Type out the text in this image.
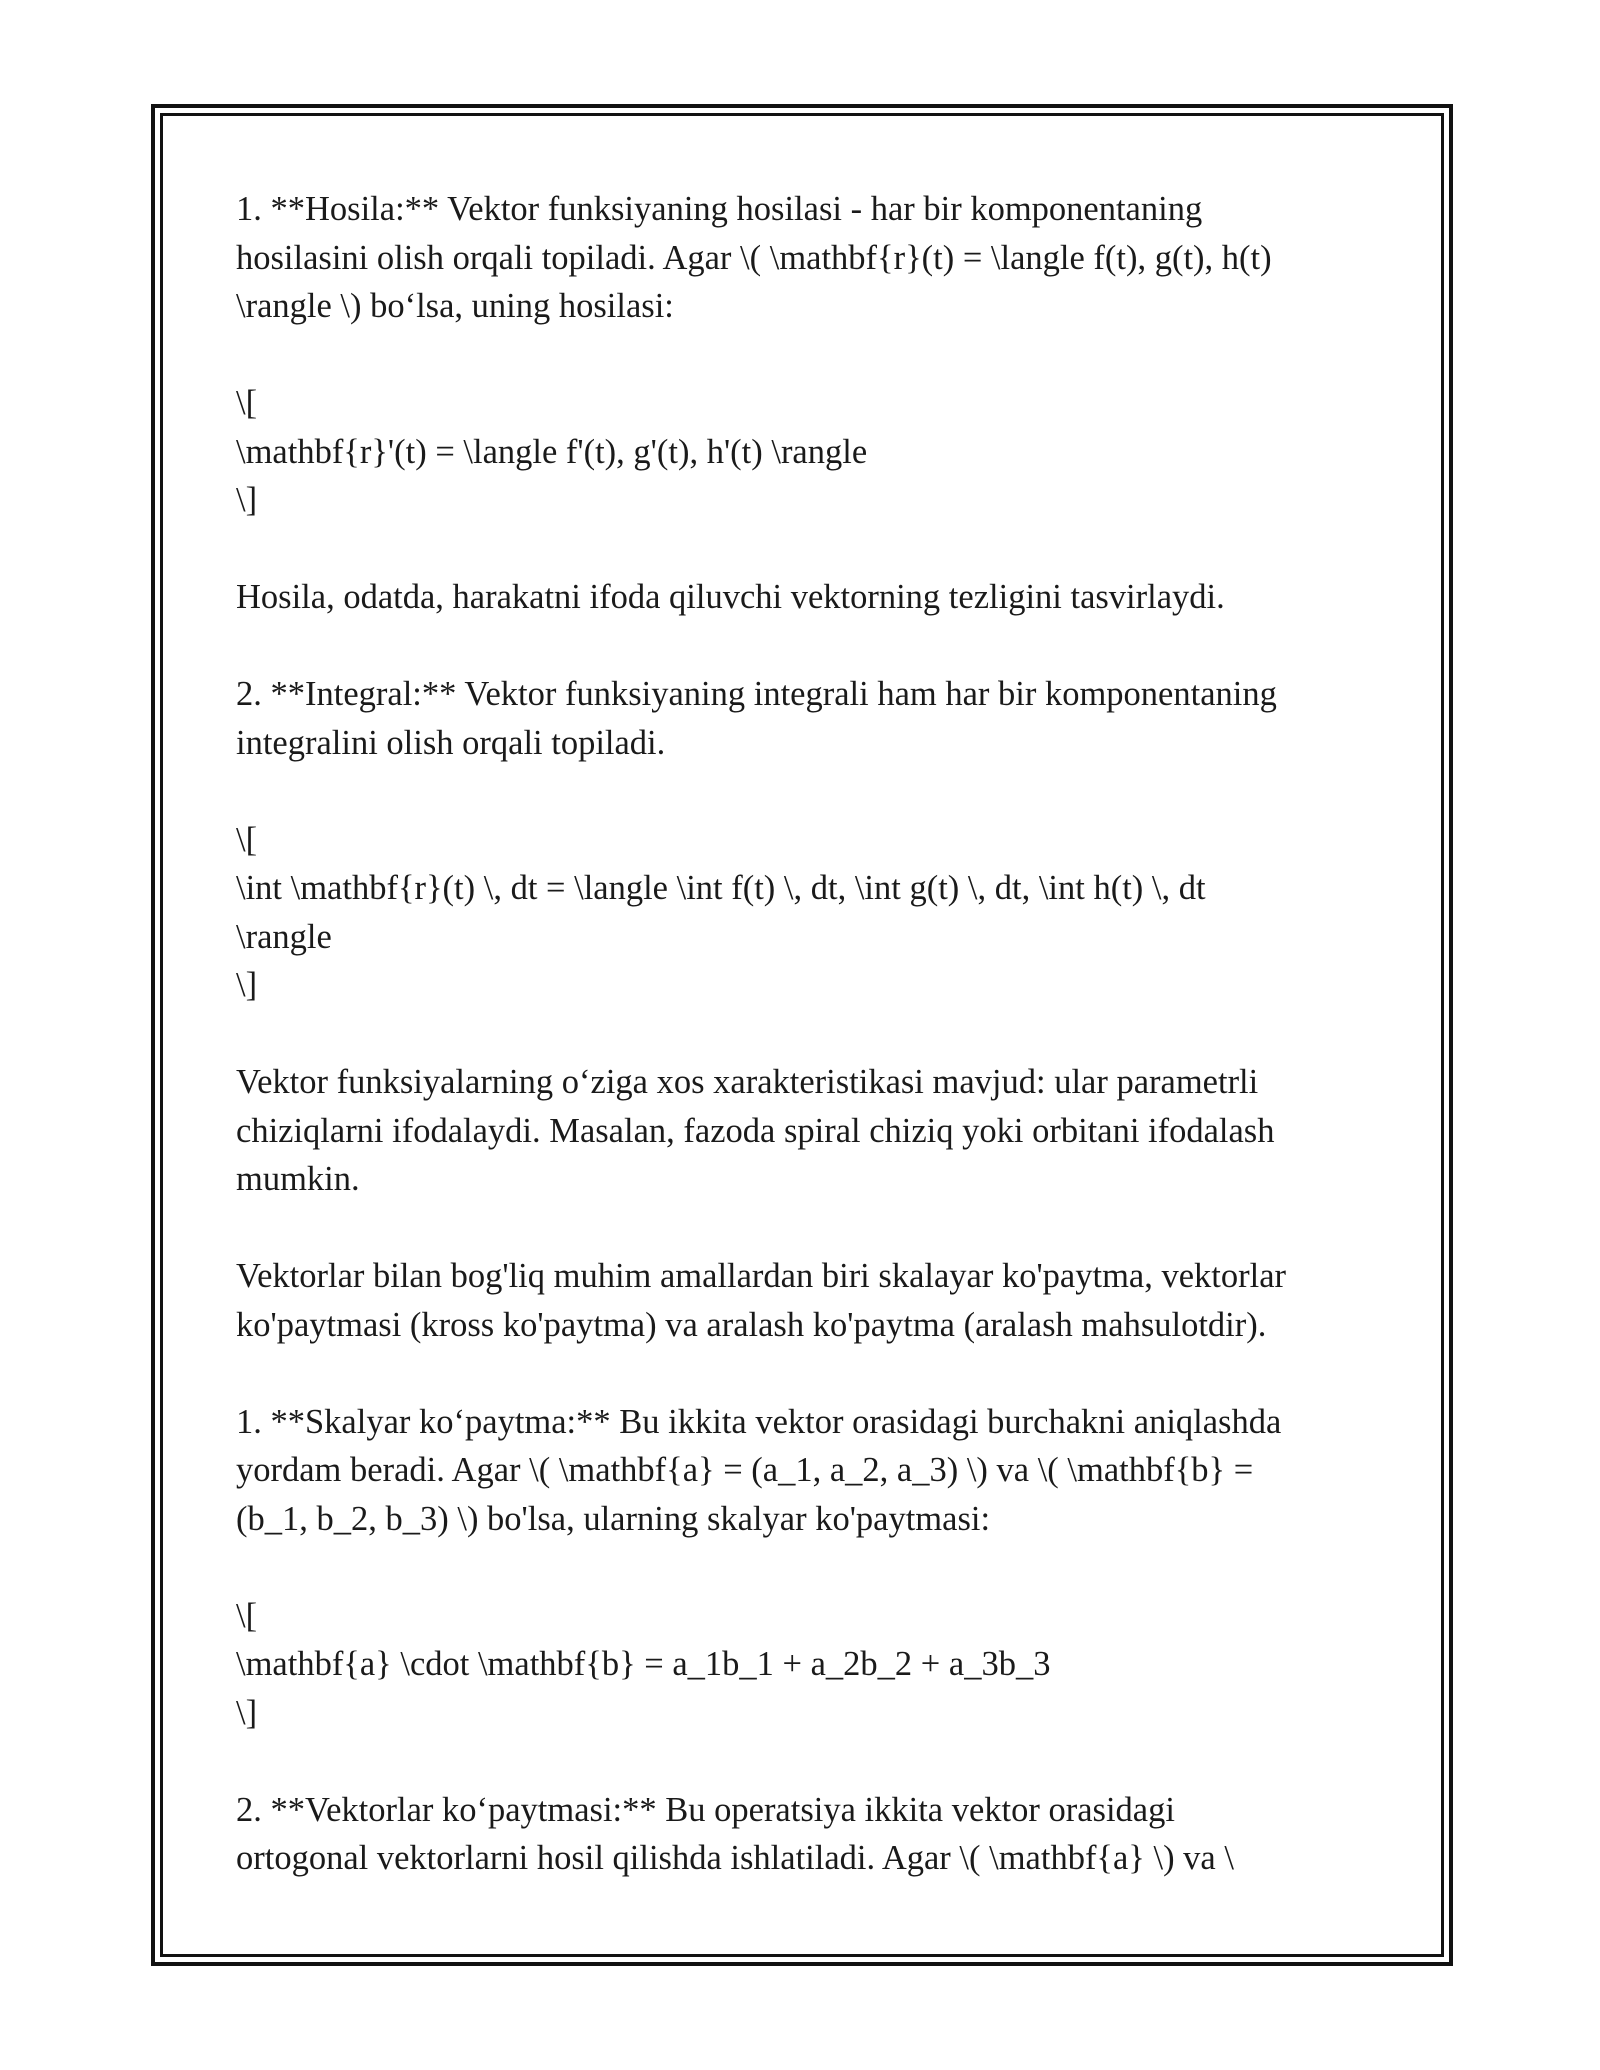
1. **Hosila:** Vektor funksiyaning hosilasi - har bir komponentaning
hosilasini olish orqali topiladi. Agar \( \mathbf{r}(t) = \langle f(t), g(t), h(t)
\rangle \) bo‘lsa, uning hosilasi:
\[
\mathbf{r}'(t) = \langle f'(t), g'(t), h'(t) \rangle
\]
Hosila, odatda, harakatni ifoda qiluvchi vektorning tezligini tasvirlaydi.
2. **Integral:** Vektor funksiyaning integrali ham har bir komponentaning
integralini olish orqali topiladi.
\[
\int \mathbf{r}(t) \, dt = \langle \int f(t) \, dt, \int g(t) \, dt, \int h(t) \, dt
\rangle
\]
Vektor funksiyalarning o‘ziga xos xarakteristikasi mavjud: ular parametrli
chiziqlarni ifodalaydi. Masalan, fazoda spiral chiziq yoki orbitani ifodalash
mumkin.
Vektorlar bilan bog'liq muhim amallardan biri skalayar ko'paytma, vektorlar
ko'paytmasi (kross ko'paytma) va aralash ko'paytma (aralash mahsulotdir).
1. **Skalyar ko‘paytma:** Bu ikkita vektor orasidagi burchakni aniqlashda
yordam beradi. Agar \( \mathbf{a} = (a_1, a_2, a_3) \) va \( \mathbf{b} =
(b_1, b_2, b_3) \) bo'lsa, ularning skalyar ko'paytmasi:
\[
\mathbf{a} \cdot \mathbf{b} = a_1b_1 + a_2b_2 + a_3b_3
\]
2. **Vektorlar ko‘paytmasi:** Bu operatsiya ikkita vektor orasidagi
ortogonal vektorlarni hosil qilishda ishlatiladi. Agar \( \mathbf{a} \) va \
